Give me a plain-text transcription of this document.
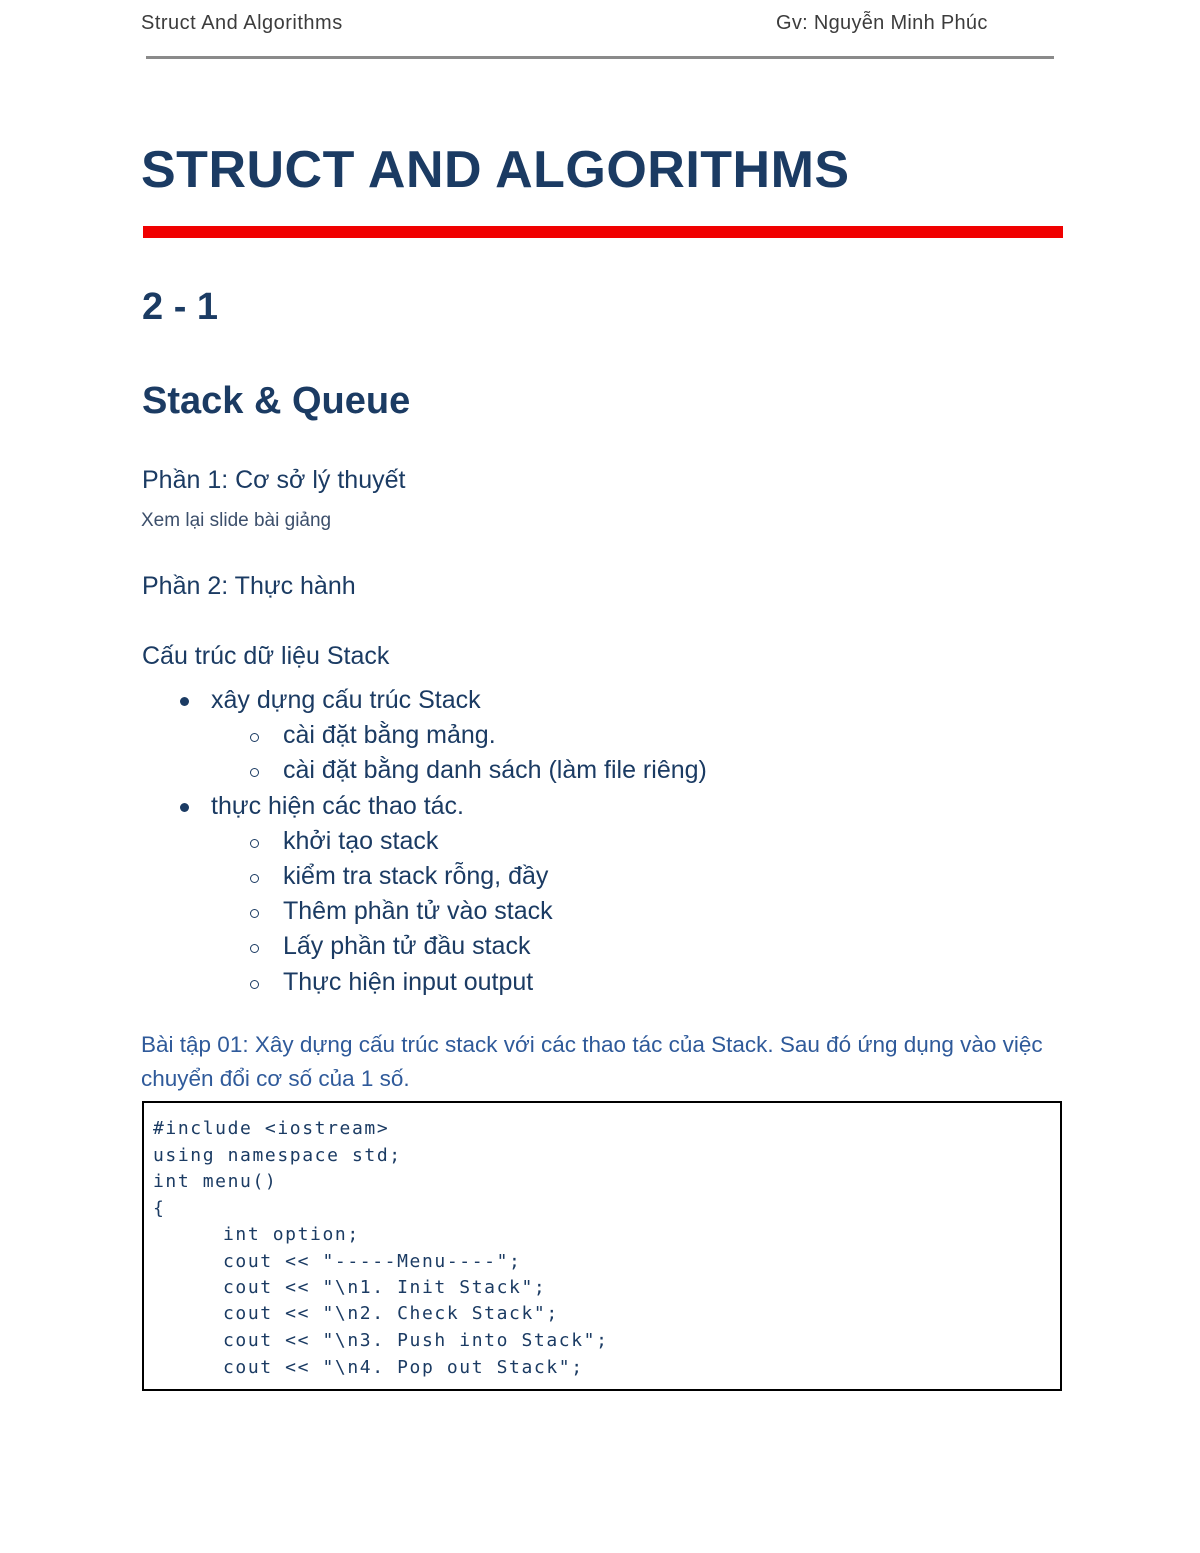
Struct And Algorithms	Gv: Nguyễn Minh Phúc
STRUCT AND ALGORITHMS
2 - 1
Stack & Queue
Phần 1: Cơ sở lý thuyết
Xem lại slide bài giảng
Phần 2: Thực hành
Cấu trúc dữ liệu Stack
xây dựng cấu trúc Stack
cài đặt bằng mảng.
cài đặt bằng danh sách (làm file riêng)
thực hiện các thao tác.
khởi tạo stack
kiểm tra stack rỗng, đầy
Thêm phần tử vào stack
Lấy phần tử đầu stack
Thực hiện input output
Bài tập 01: Xây dựng cấu trúc stack với các thao tác của Stack. Sau đó ứng dụng vào việc chuyển đổi cơ số của 1 số.
#include <iostream>
using namespace std;
int menu()
{
int option;
cout << "-----Menu----";
cout << "\n1. Init Stack";
cout << "\n2. Check Stack";
cout << "\n3. Push into Stack";
cout << "\n4. Pop out Stack";
